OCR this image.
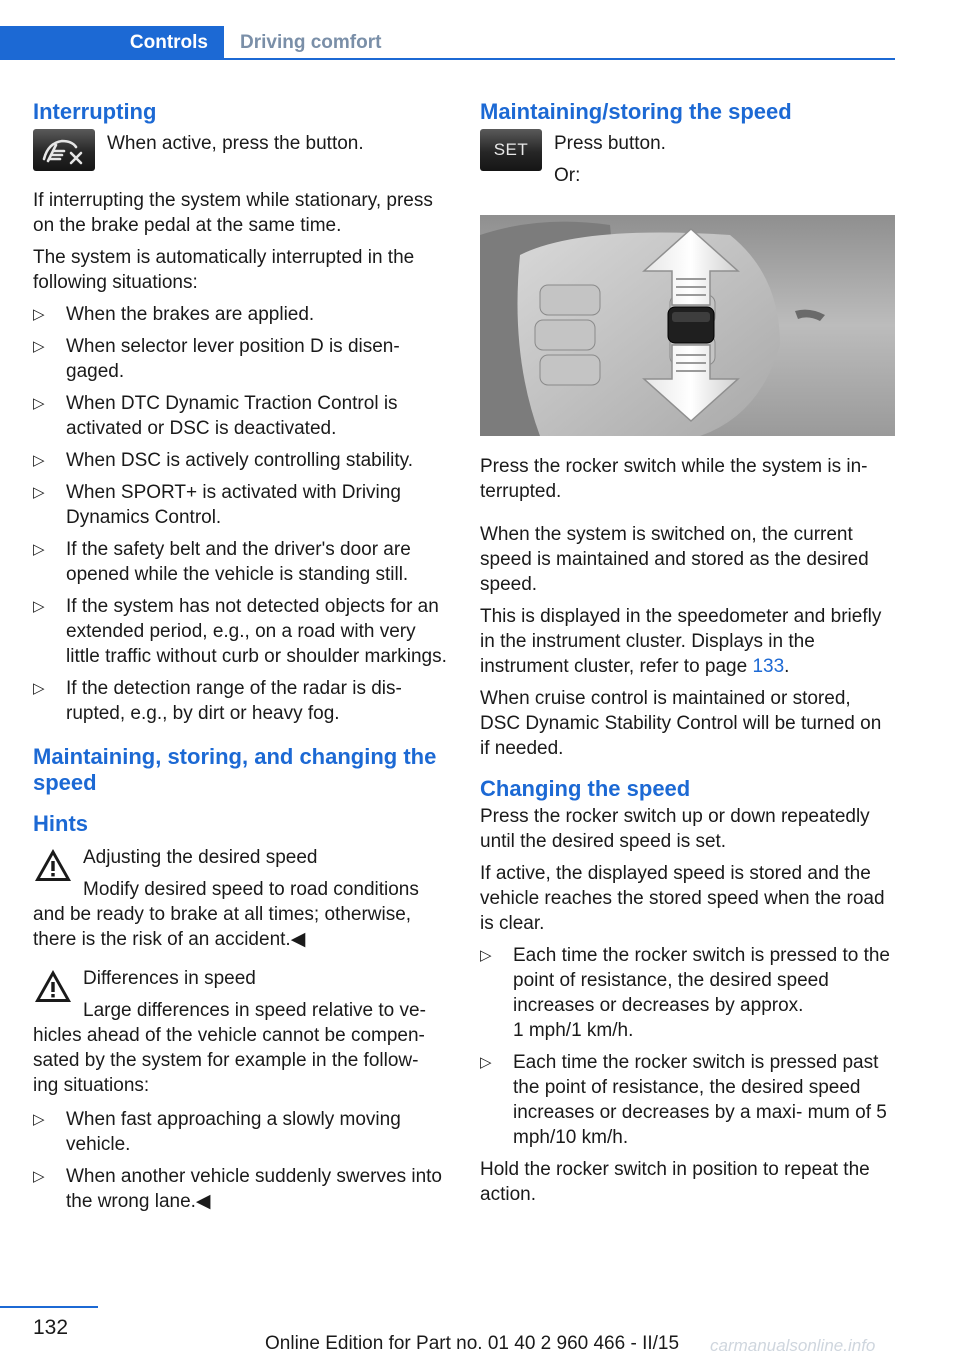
Controls	Driving comfort
Interrupting

When active, press the button.

If interrupting the system while stationary, press on the brake pedal at the same time.

The system is automatically interrupted in the following situations:

▷ When the brakes are applied.
▷ When selector lever position D is disen‐ gaged.
▷ When DTC Dynamic Traction Control is activated or DSC is deactivated.
▷ When DSC is actively controlling stability.
▷ When SPORT+ is activated with Driving Dynamics Control.
▷ If the safety belt and the driver's door are opened while the vehicle is standing still.
▷ If the system has not detected objects for an extended period, e.g., on a road with very little traffic without curb or shoulder markings.
▷ If the detection range of the radar is dis‐ rupted, e.g., by dirt or heavy fog.
Maintaining, storing, and changing the speed
Hints
Adjusting the desired speed
Modify desired speed to road conditions and be ready to brake at all times; otherwise, there is the risk of an accident.◀
Differences in speed
Large differences in speed relative to ve‐ hicles ahead of the vehicle cannot be compen‐ sated by the system for example in the follow‐ ing situations:
▷ When fast approaching a slowly moving vehicle.
▷ When another vehicle suddenly swerves into the wrong lane.◀
Maintaining/storing the speed
SET Press button.

Or:

Press the rocker switch while the system is in‐ terrupted.

When the system is switched on, the current speed is maintained and stored as the desired speed.

This is displayed in the speedometer and briefly in the instrument cluster. Displays in the instrument cluster, refer to page 133.

When cruise control is maintained or stored, DSC Dynamic Stability Control will be turned on if needed.

Changing the speed

Press the rocker switch up or down repeatedly until the desired speed is set.

If active, the displayed speed is stored and the vehicle reaches the stored speed when the road is clear.

▷ Each time the rocker switch is pressed to the point of resistance, the desired speed increases or decreases by approx.
1 mph/1 km/h.
▷ Each time the rocker switch is pressed past the point of resistance, the desired speed increases or decreases by a maxi‐ mum of 5 mph/10 km/h.

Hold the rocker switch in position to repeat the action.

132
Online Edition for Part no. 01 40 2 960 466 - II/15 carmanualsonline.info
